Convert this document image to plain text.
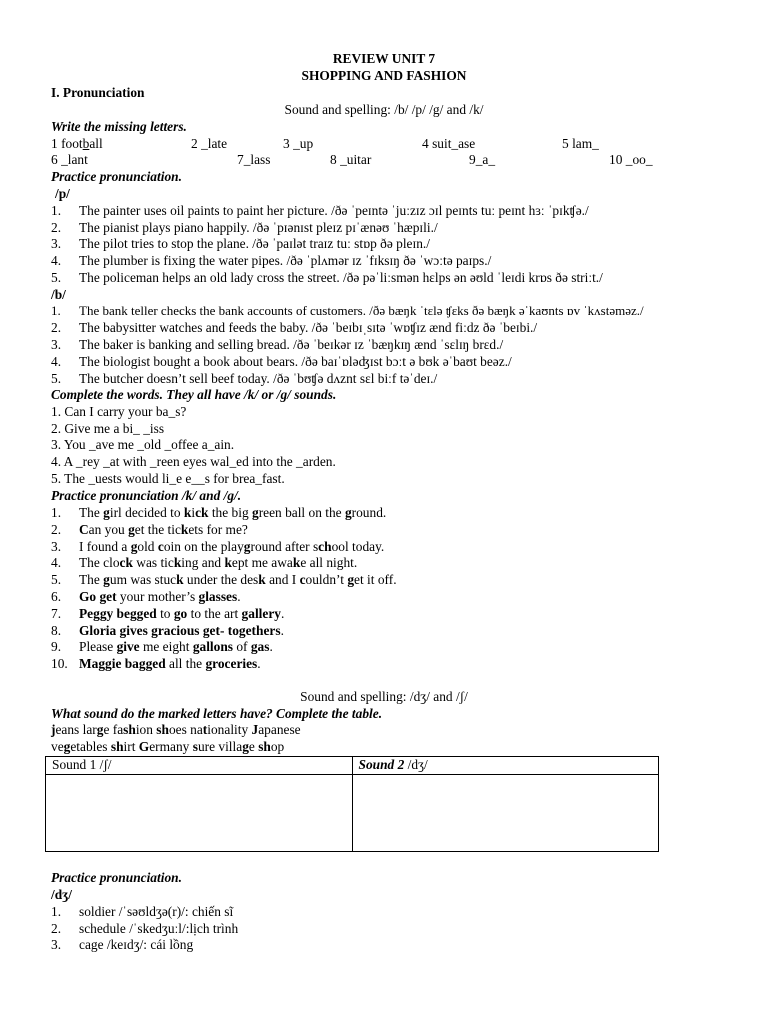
REVIEW UNIT 7
SHOPPING AND FASHION
I. Pronunciation
Sound and spelling: /b/ /p/ /g/ and /k/
Write the missing letters.
1 football	2 _late	3 _up	4 suit_ase	5 lam_
6 _lant	7_lass	8 _uitar	9_a_	10 _oo_
Practice pronunciation.
/p/
1. The painter uses oil paints to paint her picture. /ðə ˈpeɪntə ˈjuːzɪz ɔɪl peɪnts tuː peɪnt hɜː ˈpɪkʧə./
2. The pianist plays piano happily. /ðə ˈpɪənɪst pleɪz pɪˈænəʊ ˈhæpɪli./
3. The pilot tries to stop the plane. /ðə ˈpaɪlət traɪz tuː stɒp ðə pleɪn./
4. The plumber is fixing the water pipes. /ðə ˈplʌmər ɪz ˈfɪksɪŋ ðə ˈwɔːtə paɪps./
5. The policeman helps an old lady cross the street. /ðə pəˈliːsmən hɛlps ən əʊld ˈleɪdi krɒs ðə striːt./
/b/
1. The bank teller checks the bank accounts of customers. /ðə bæŋk ˈtɛlə ʧɛks ðə bæŋk əˈkaʊnts ɒv ˈkʌstəməz./
2. The babysitter watches and feeds the baby. /ðə ˈbeɪbɪˌsɪtə ˈwɒʧɪz ænd fiːdz ðə ˈbeɪbi./
3. The baker is banking and selling bread. /ðə ˈbeɪkər ɪz ˈbæŋkɪŋ ænd ˈsɛlɪŋ brɛd./
4. The biologist bought a book about bears. /ðə baɪˈɒləʤɪst bɔːt ə bʊk əˈbaʊt beəz./
5. The butcher doesn’t sell beef today. /ðə ˈbʊʧə dʌznt sɛl biːf təˈdeɪ./
Complete the words. They all have /k/ or /g/ sounds.
1. Can I carry your ba_s?
2. Give me a bi_ _iss
3. You _ave me _old _offee a_ain.
4. A _rey _at with _reen eyes wal_ed into the _arden.
5. The _uests would li_e e__s for brea_fast.
Practice pronunciation /k/ and /g/.
1. The girl decided to kick the big green ball on the ground.
2. Can you get the tickets for me?
3. I found a gold coin on the playground after school today.
4. The clock was ticking and kept me awake all night.
5. The gum was stuck under the desk and I couldn’t get it off.
6. Go get your mother’s glasses.
7. Peggy begged to go to the art gallery.
8. Gloria gives gracious get- togethers.
9. Please give me eight gallons of gas.
10. Maggie bagged all the groceries.
Sound and spelling: /dʒ/ and /ʃ/
What sound do the marked letters have? Complete the table.
jeans large fashion shoes nationality Japanese
vegetables shirt Germany sure village shop
Sound 1 /ʃ/	Sound 2 /dʒ/

Practice pronunciation.
/dʒ/
1. soldier /ˈsəʊldʒə(r)/: chiến sĩ
2. schedule /ˈskedʒuːl/:lịch trình
3. cage /keɪdʒ/: cái lồng
